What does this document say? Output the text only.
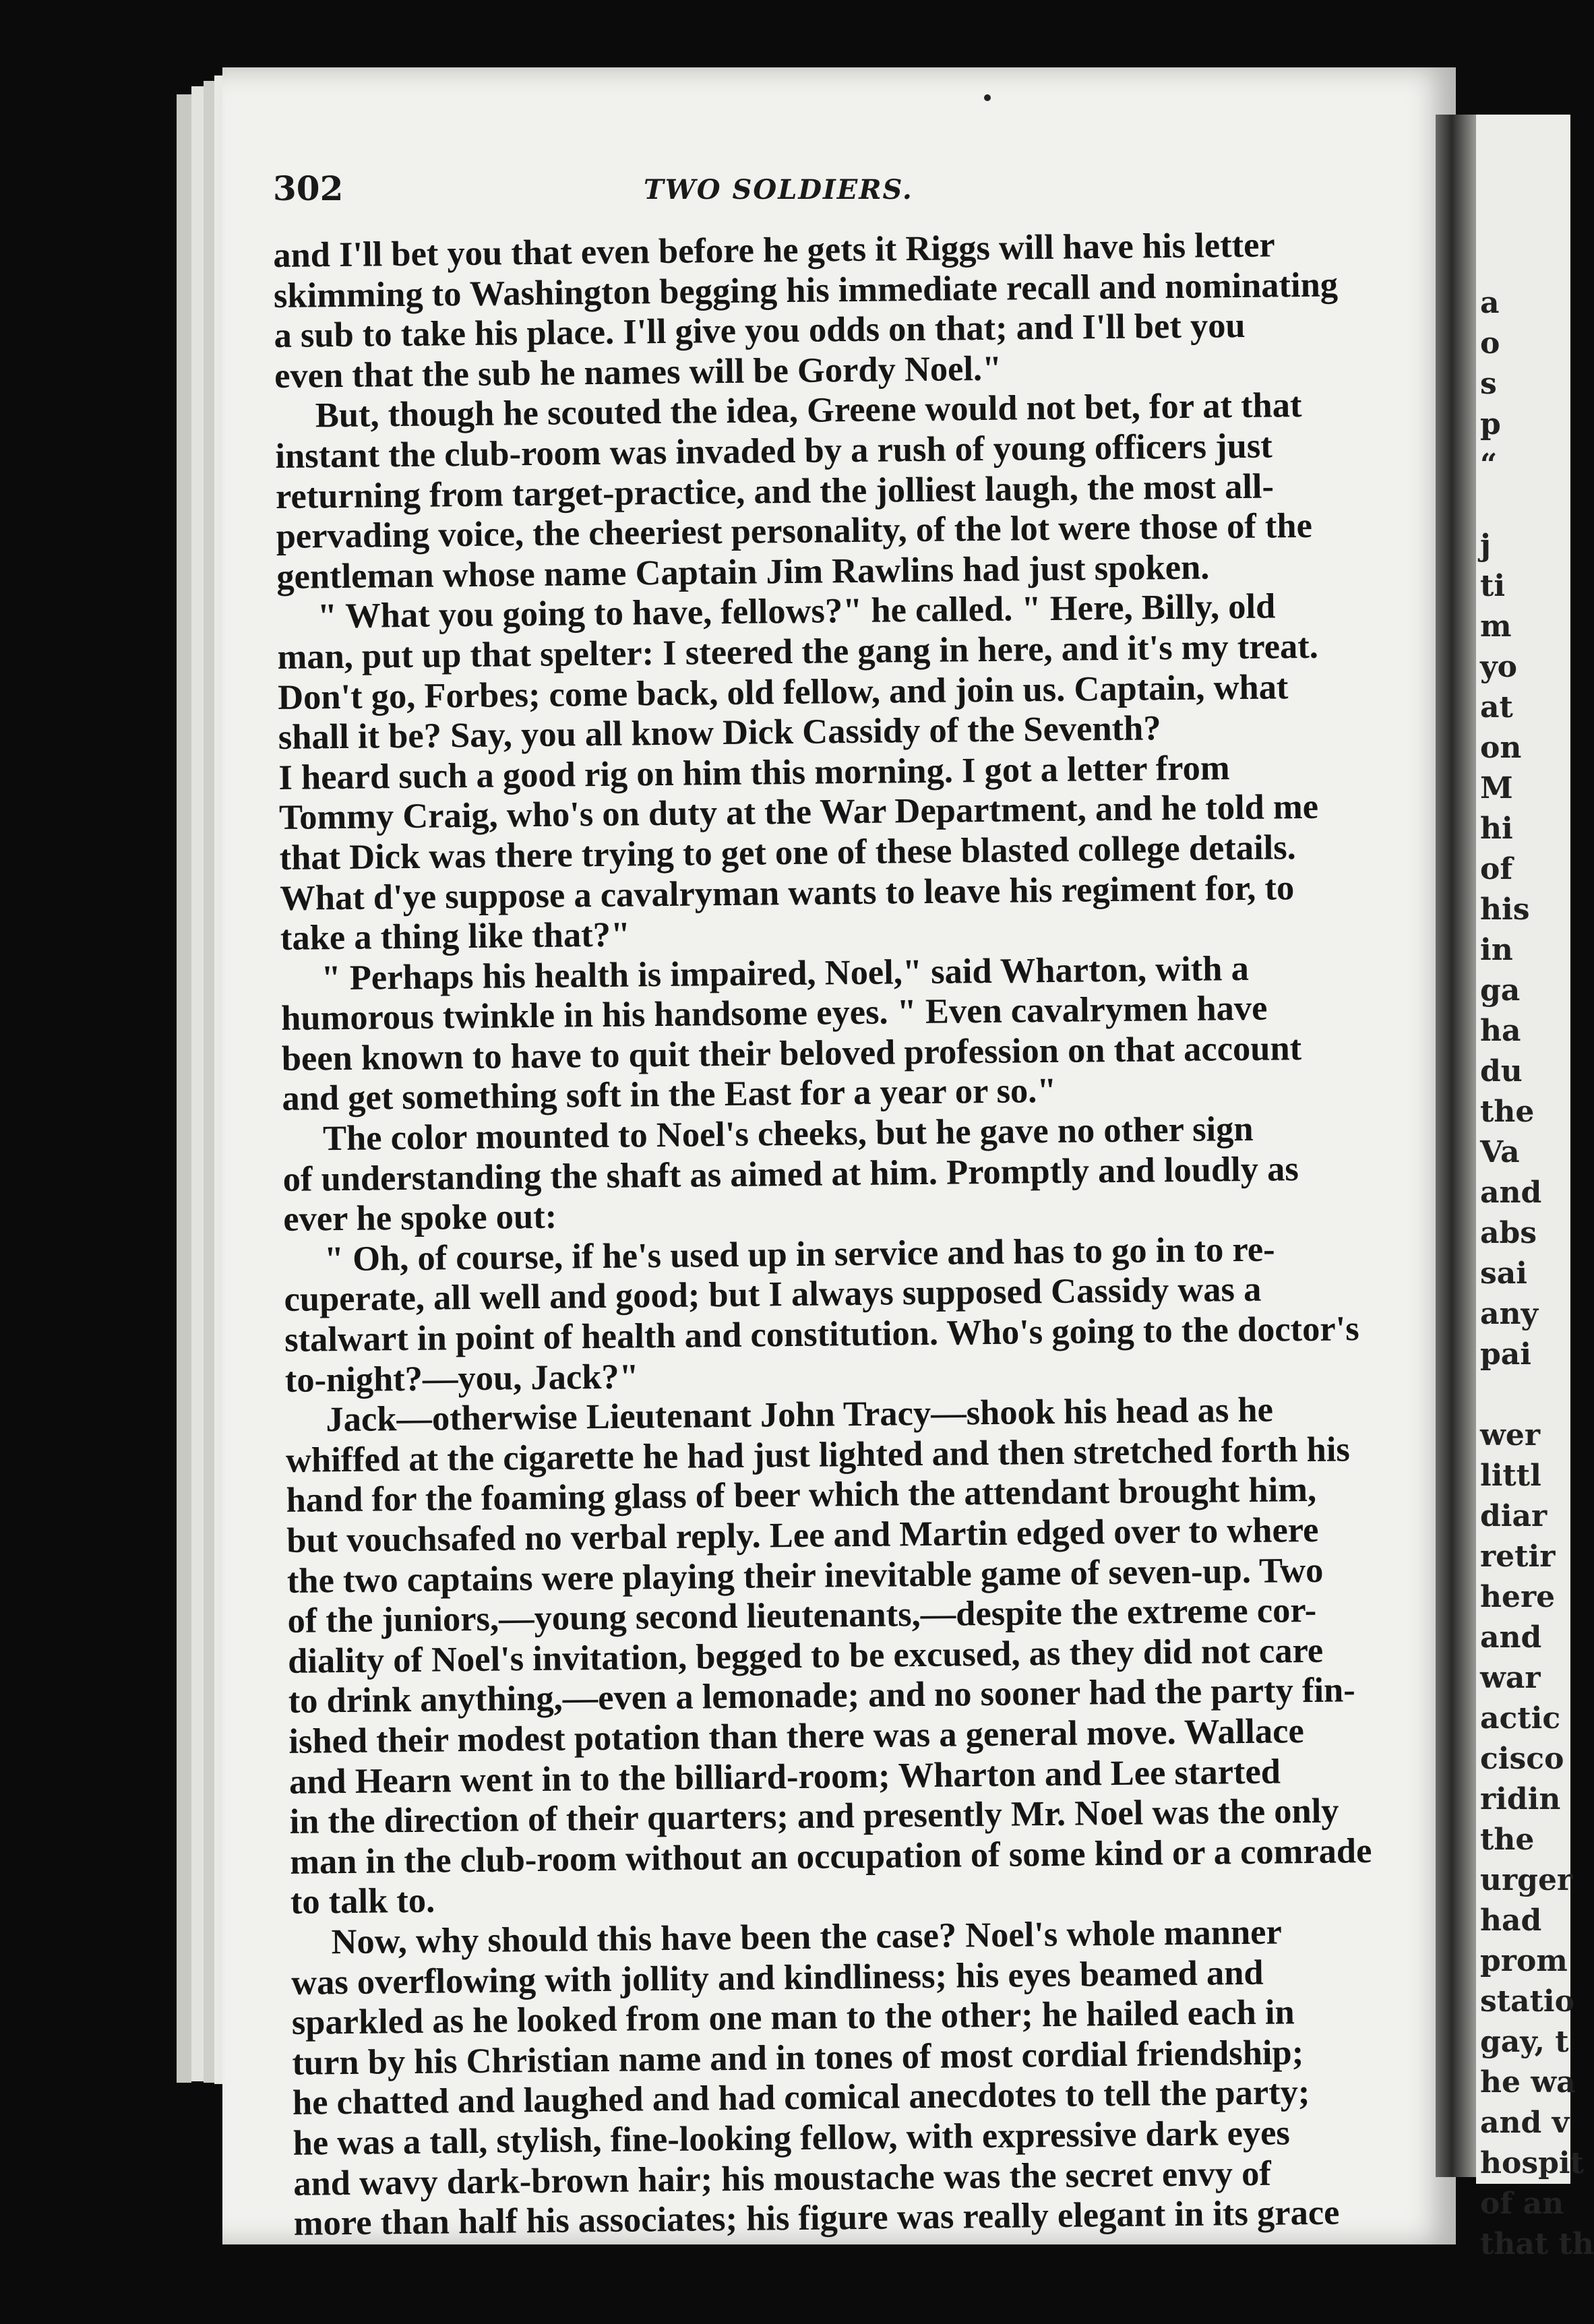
302	TWO SOLDIERS.
and I'll bet you that even before he gets it Riggs will have his letter
skimming to Washington begging his immediate recall and nominating
a sub to take his place. I'll give you odds on that; and I'll bet you
even that the sub he names will be Gordy Noel."
But, though he scouted the idea, Greene would not bet, for at that
instant the club-room was invaded by a rush of young officers just
returning from target-practice, and the jolliest laugh, the most all-
pervading voice, the cheeriest personality, of the lot were those of the
gentleman whose name Captain Jim Rawlins had just spoken.
" What you going to have, fellows?" he called. " Here, Billy, old
man, put up that spelter: I steered the gang in here, and it's my treat.
Don't go, Forbes; come back, old fellow, and join us. Captain, what
shall it be? Say, you all know Dick Cassidy of the Seventh?
I heard such a good rig on him this morning. I got a letter from
Tommy Craig, who's on duty at the War Department, and he told me
that Dick was there trying to get one of these blasted college details.
What d'ye suppose a cavalryman wants to leave his regiment for, to
take a thing like that?"
" Perhaps his health is impaired, Noel," said Wharton, with a
humorous twinkle in his handsome eyes. " Even cavalrymen have
been known to have to quit their beloved profession on that account
and get something soft in the East for a year or so."
The color mounted to Noel's cheeks, but he gave no other sign
of understanding the shaft as aimed at him. Promptly and loudly as
ever he spoke out:
" Oh, of course, if he's used up in service and has to go in to re-
cuperate, all well and good; but I always supposed Cassidy was a
stalwart in point of health and constitution. Who's going to the doctor's
to-night?—you, Jack?"
Jack—otherwise Lieutenant John Tracy—shook his head as he
whiffed at the cigarette he had just lighted and then stretched forth his
hand for the foaming glass of beer which the attendant brought him,
but vouchsafed no verbal reply. Lee and Martin edged over to where
the two captains were playing their inevitable game of seven-up. Two
of the juniors,—young second lieutenants,—despite the extreme cor-
diality of Noel's invitation, begged to be excused, as they did not care
to drink anything,—even a lemonade; and no sooner had the party fin-
ished their modest potation than there was a general move. Wallace
and Hearn went in to the billiard-room; Wharton and Lee started
in the direction of their quarters; and presently Mr. Noel was the only
man in the club-room without an occupation of some kind or a comrade
to talk to.
Now, why should this have been the case? Noel's whole manner
was overflowing with jollity and kindliness; his eyes beamed and
sparkled as he looked from one man to the other; he hailed each in
turn by his Christian name and in tones of most cordial friendship;
he chatted and laughed and had comical anecdotes to tell the party;
he was a tall, stylish, fine-looking fellow, with expressive dark eyes
and wavy dark-brown hair; his moustache was the secret envy of
more than half his associates; his figure was really elegant in its grace
a
o
s
p
“
j
ti
m
yo
at
on
M
hi
of
his
in
ga
ha
du
the
Va
and
abs
sai
any
pai
wer
littl
diar
retir
here
and
war
actic
cisco
ridin
the
urger
had
prom
statio
gay, t
he wa
and v
hospit
of an
that th
